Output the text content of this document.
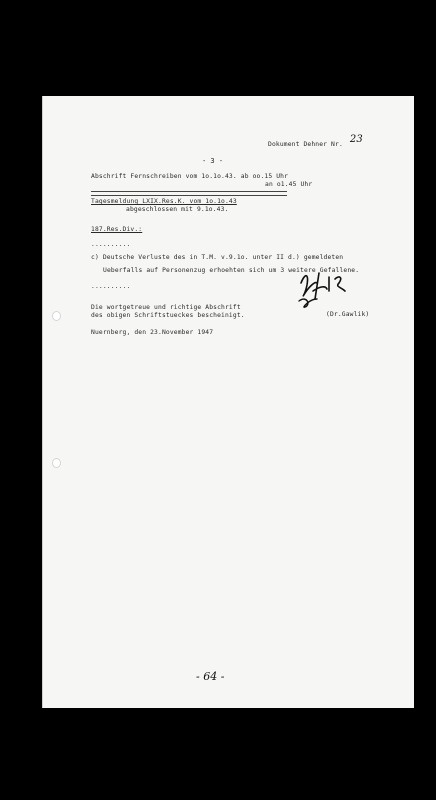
Dokument Dehner Nr. 23
- 3 -
Abschrift Fernschreiben vom 1o.1o.43. ab oo.15 Uhr
an o1.45 Uhr
Tagesmeldung LXIX.Res.K. vom 1o.1o.43
abgeschlossen mit 9.1o.43.
187.Res.Div.:
..........
c) Deutsche Verluste des in T.M. v.9.1o. unter II d.) gemeldeten
Ueberfalls auf Personenzug erhoehten sich um 3 weitere Gefallene.
..........
Die wortgetreue und richtige Abschrift
des obigen Schriftstueckes bescheinigt.
Nuernberg, den 23.November 1947
(Dr.Gawlik)
- 64 -
